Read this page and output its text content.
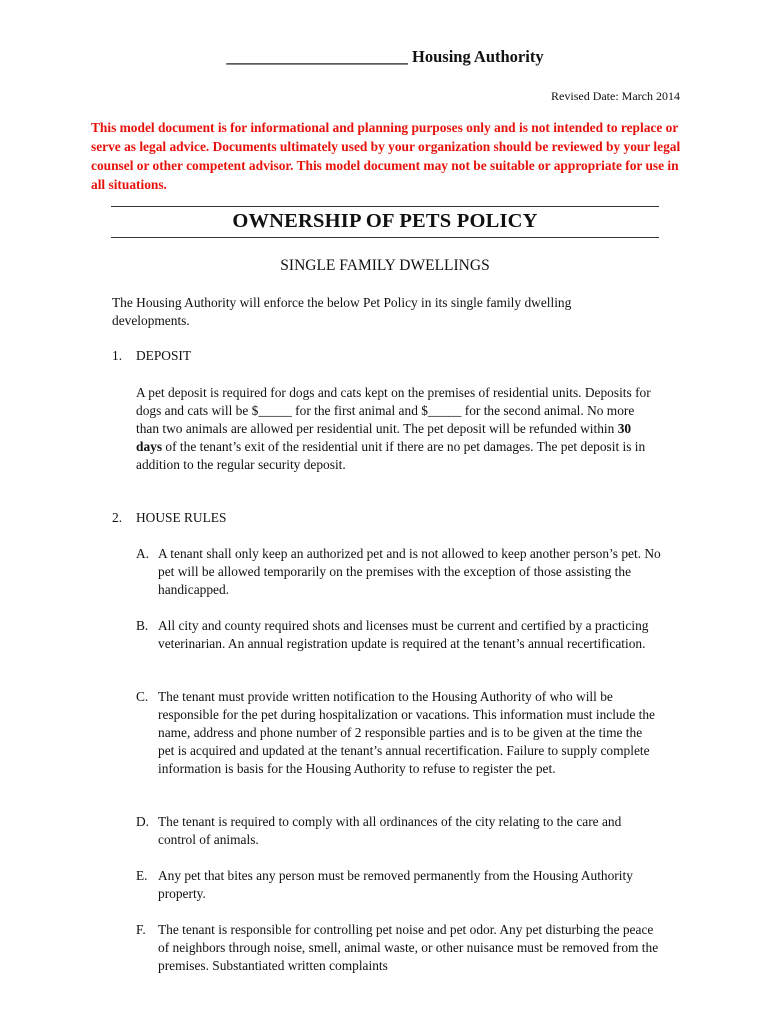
______________________ Housing Authority
Revised Date: March 2014
This model document is for informational and planning purposes only and is not intended to replace or serve as legal advice. Documents ultimately used by your organization should be reviewed by your legal counsel or other competent advisor. This model document may not be suitable or appropriate for use in all situations.
OWNERSHIP OF PETS POLICY
SINGLE FAMILY DWELLINGS
The Housing Authority will enforce the below Pet Policy in its single family dwelling developments.
1. DEPOSIT
A pet deposit is required for dogs and cats kept on the premises of residential units. Deposits for dogs and cats will be $_____ for the first animal and $_____ for the second animal. No more than two animals are allowed per residential unit. The pet deposit will be refunded within 30 days of the tenant’s exit of the residential unit if there are no pet damages. The pet deposit is in addition to the regular security deposit.
2. HOUSE RULES
A. A tenant shall only keep an authorized pet and is not allowed to keep another person’s pet. No pet will be allowed temporarily on the premises with the exception of those assisting the handicapped.
B. All city and county required shots and licenses must be current and certified by a practicing veterinarian. An annual registration update is required at the tenant’s annual recertification.
C. The tenant must provide written notification to the Housing Authority of who will be responsible for the pet during hospitalization or vacations. This information must include the name, address and phone number of 2 responsible parties and is to be given at the time the pet is acquired and updated at the tenant’s annual recertification. Failure to supply complete information is basis for the Housing Authority to refuse to register the pet.
D. The tenant is required to comply with all ordinances of the city relating to the care and control of animals.
E. Any pet that bites any person must be removed permanently from the Housing Authority property.
F. The tenant is responsible for controlling pet noise and pet odor. Any pet disturbing the peace of neighbors through noise, smell, animal waste, or other nuisance must be removed from the premises. Substantiated written complaints
